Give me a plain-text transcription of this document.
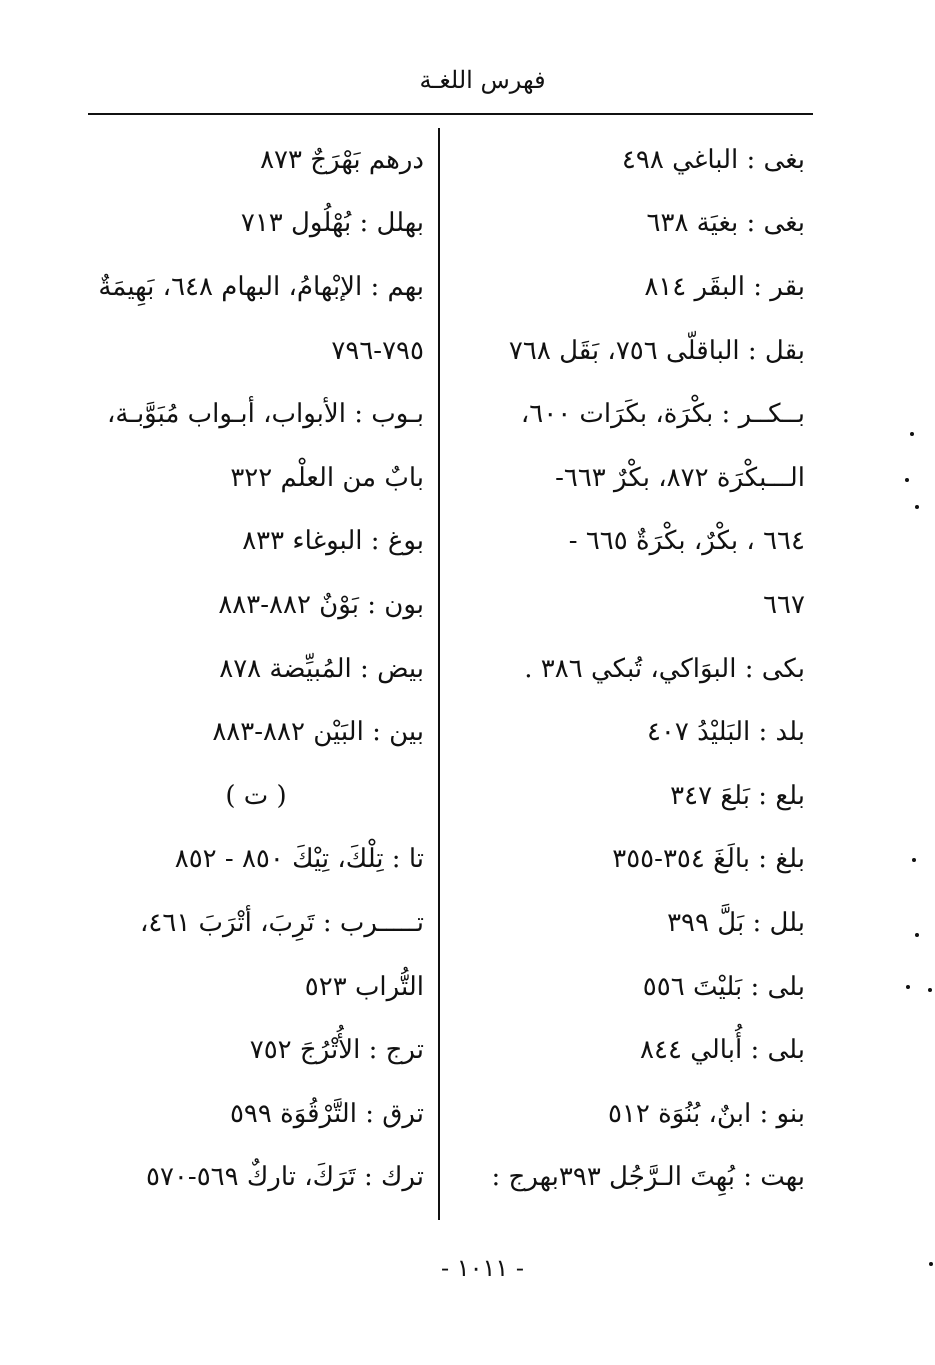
فهرس اللغـة
بغى : الباغي ٤٩٨
بغى : بغيَة ٦٣٨
بقر : البقَر ٨١٤
بقل : الباقلّى ٧٥٦، بَقَل ٧٦٨
بــكــر : بكْرَة، بكَرَات ٦٠٠،
الـــبكْرَة ٨٧٢، بكْرٌ ٦٦٣-
٦٦٤ ، بكْرٌ، بكْرَةٌ ٦٦٥ -
٦٦٧
بكى : البوَاكي، تُبكي ٣٨٦ .
بلد : البَليْدُ ٤٠٧
بلع : بَلعَ ٣٤٧
بلغ : بالَغَ ٣٥٤-٣٥٥
بلل : بَلَّ ٣٩٩
بلى : بَليْتَ ٥٥٦
بلى : أُبالي ٨٤٤
بنو : ابنٌ، بُنُوَة ٥١٢
بهت : بُهِتَ الـرَّجُل ٣٩٣بهرج :
درهم بَهْرَجٌ ٨٧٣
بهلل : بُهْلُول ٧١٣
بهم : الإبْهامُ، البهام ٦٤٨، بَهِيمَةٌ
٧٩٥-٧٩٦
بـوب : الأبواب، أبـواب مُبَوَّبـة،
بابٌ من العلْم ٣٢٢
بوغ : البوغاء ٨٣٣
بون : بَوْنٌ ٨٨٢-٨٨٣
بيض : المُبيِّضة ٨٧٨
بين : البَيْن ٨٨٢-٨٨٣
( ت )
تا : تِلْكَ، تِيْكَ ٨٥٠ - ٨٥٢
تـــــرب : تَرِبَ، أتْرَبَ ٤٦١،
التُّراب ٥٢٣
ترج : الأُتْرُجَ ٧٥٢
ترق : التَّرْقُوَة ٥٩٩
ترك : تَرَكَ، تاركٌ ٥٦٩-٥٧٠
- ١٠١١ -
